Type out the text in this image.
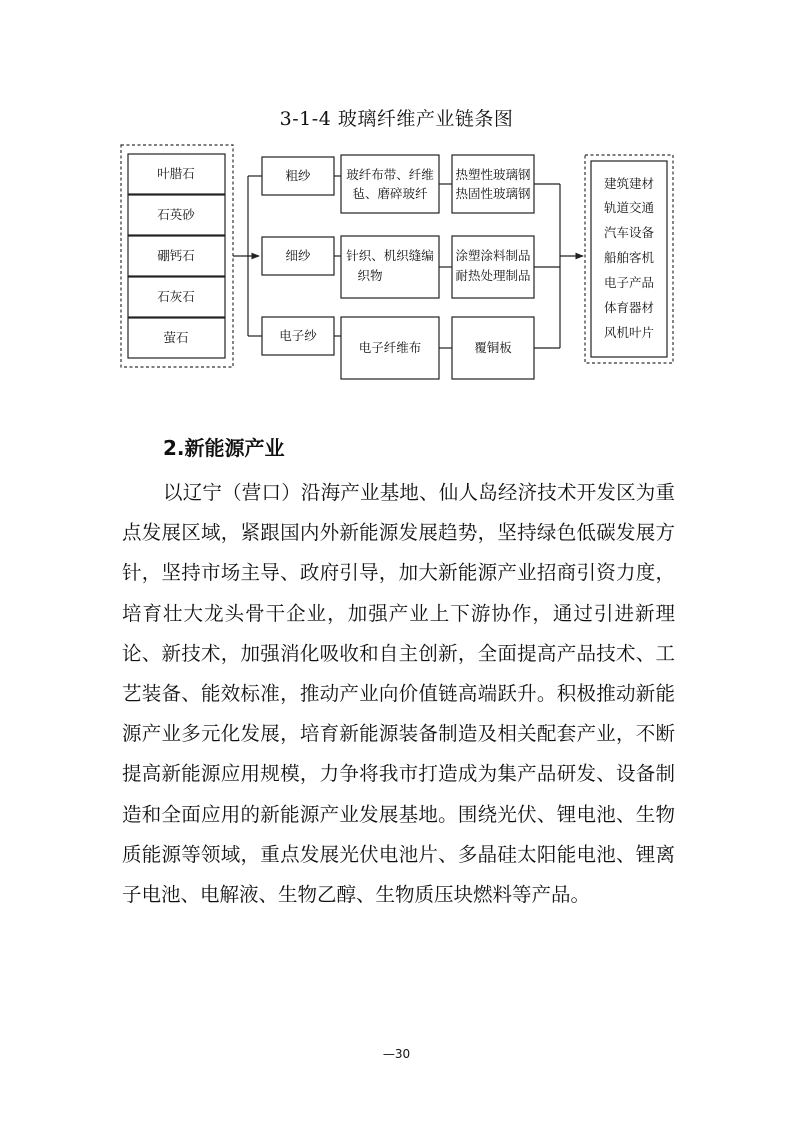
3-1-4 玻璃纤维产业链条图
叶腊石
石英砂
硼钙石
石灰石
萤石
粗纱
细纱
电子纱
玻纤布带、纤维
毡、磨碎玻纤
针织、机织缝编
织物
电子纤维布
热塑性玻璃钢
热固性玻璃钢
涂塑涂料制品
耐热处理制品
覆铜板
建筑建材
轨道交通
汽车设备
船舶客机
电子产品
体育器材
风机叶片
2.新能源产业

以辽宁（营口）沿海产业基地、仙人岛经济技术开发区为重点发展区域，紧跟国内外新能源发展趋势，坚持绿色低碳发展方针，坚持市场主导、政府引导，加大新能源产业招商引资力度，培育壮大龙头骨干企业，加强产业上下游协作，通过引进新理论、新技术，加强消化吸收和自主创新，全面提高产品技术、工艺装备、能效标准，推动产业向价值链高端跃升。积极推动新能源产业多元化发展，培育新能源装备制造及相关配套产业，不断提高新能源应用规模，力争将我市打造成为集产品研发、设备制造和全面应用的新能源产业发展基地。围绕光伏、锂电池、生物质能源等领域，重点发展光伏电池片、多晶硅太阳能电池、锂离子电池、电解液、生物乙醇、生物质压块燃料等产品。

—30
